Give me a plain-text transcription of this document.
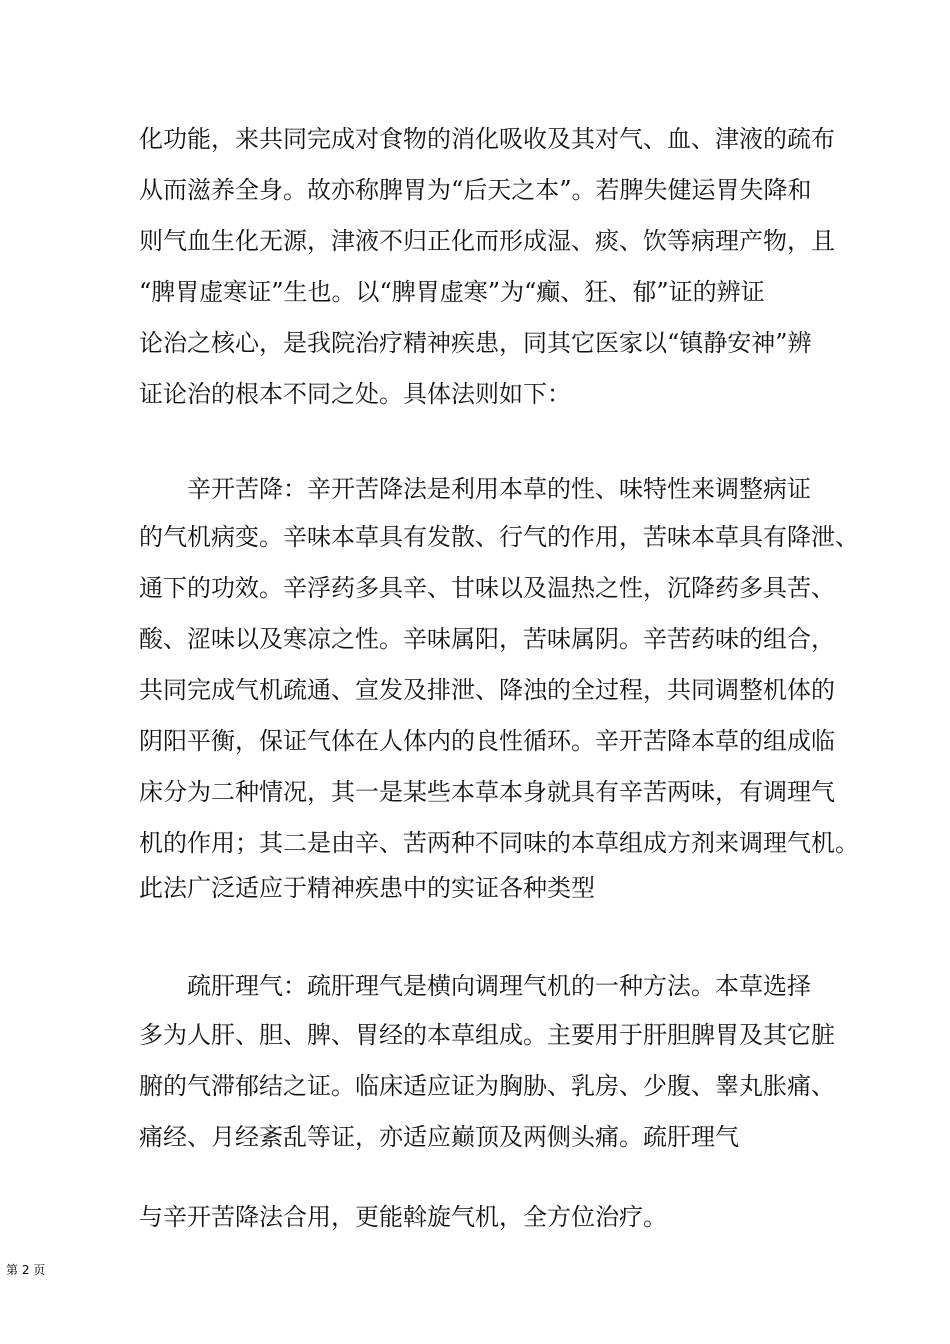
化功能，来共同完成对食物的消化吸收及其对气、血、津液的疏布
从而滋养全身。故亦称脾胃为“后天之本”。若脾失健运胃失降和
则气血生化无源，津液不归正化而形成湿、痰、饮等病理产物，且
“脾胃虚寒证”生也。以“脾胃虚寒”为“癫、狂、郁”证的辨证
论治之核心，是我院治疗精神疾患，同其它医家以“镇静安神”辨
证论治的根本不同之处。具体法则如下：
辛开苦降：辛开苦降法是利用本草的性、味特性来调整病证
的气机病变。辛味本草具有发散、行气的作用，苦味本草具有降泄、
通下的功效。辛浮药多具辛、甘味以及温热之性，沉降药多具苦、
酸、涩味以及寒凉之性。辛味属阳，苦味属阴。辛苦药味的组合，
共同完成气机疏通、宣发及排泄、降浊的全过程，共同调整机体的
阴阳平衡，保证气体在人体内的良性循环。辛开苦降本草的组成临
床分为二种情况，其一是某些本草本身就具有辛苦两味，有调理气
机的作用；其二是由辛、苦两种不同味的本草组成方剂来调理气机。
此法广泛适应于精神疾患中的实证各种类型
疏肝理气：疏肝理气是横向调理气机的一种方法。本草选择
多为人肝、胆、脾、胃经的本草组成。主要用于肝胆脾胃及其它脏
腑的气滞郁结之证。临床适应证为胸胁、乳房、少腹、睾丸胀痛、
痛经、月经紊乱等证，亦适应巅顶及两侧头痛。疏肝理气
与辛开苦降法合用，更能斡旋气机，全方位治疗。
第 2 页
